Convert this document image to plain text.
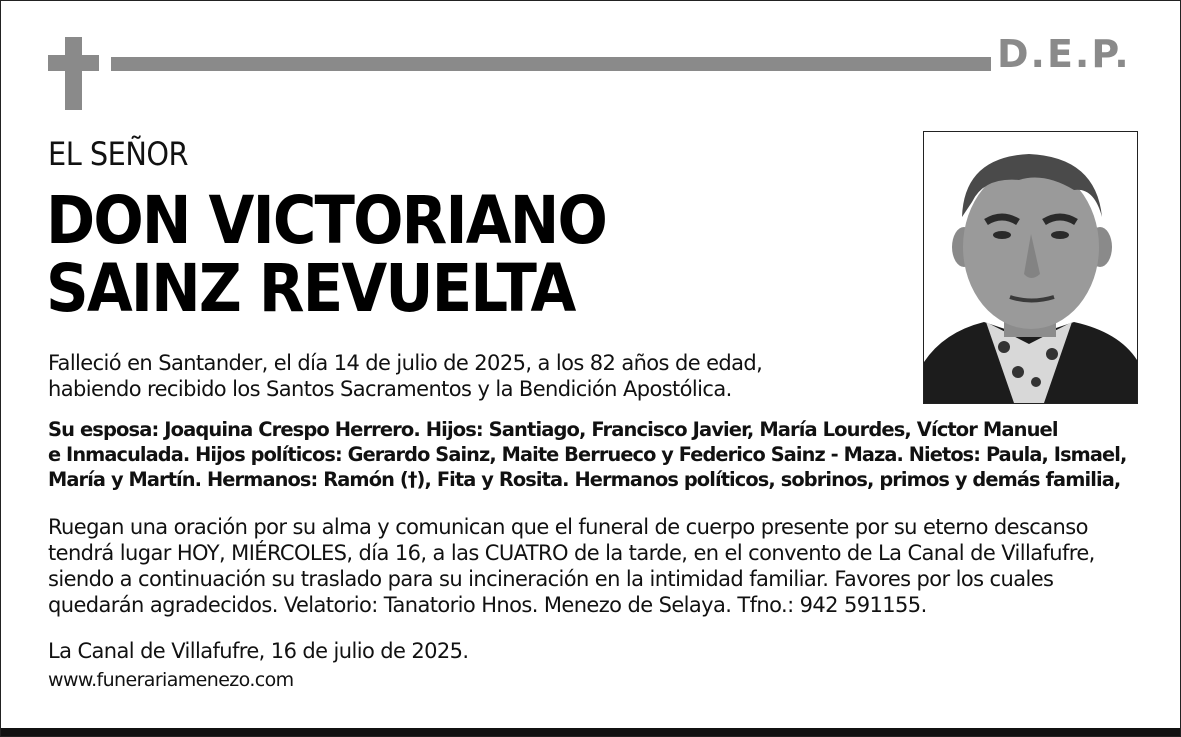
D.E.P.
EL SEÑOR
DON VICTORIANO
SAINZ REVUELTA
Falleció en Santander, el día 14 de julio de 2025, a los 82 años de edad,
habiendo recibido los Santos Sacramentos y la Bendición Apostólica.
Su esposa: Joaquina Crespo Herrero. Hijos: Santiago, Francisco Javier, María Lourdes, Víctor Manuel
e Inmaculada. Hijos políticos: Gerardo Sainz, Maite Berrueco y Federico Sainz - Maza. Nietos: Paula, Ismael,
María y Martín. Hermanos: Ramón (†), Fita y Rosita. Hermanos políticos, sobrinos, primos y demás familia,
Ruegan una oración por su alma y comunican que el funeral de cuerpo presente por su eterno descanso
tendrá lugar HOY, MIÉRCOLES, día 16, a las CUATRO de la tarde, en el convento de La Canal de Villafufre,
siendo a continuación su traslado para su incineración en la intimidad familiar. Favores por los cuales
quedarán agradecidos. Velatorio: Tanatorio Hnos. Menezo de Selaya. Tfno.: 942 591155.
La Canal de Villafufre, 16 de julio de 2025.
www.funerariamenezo.com
